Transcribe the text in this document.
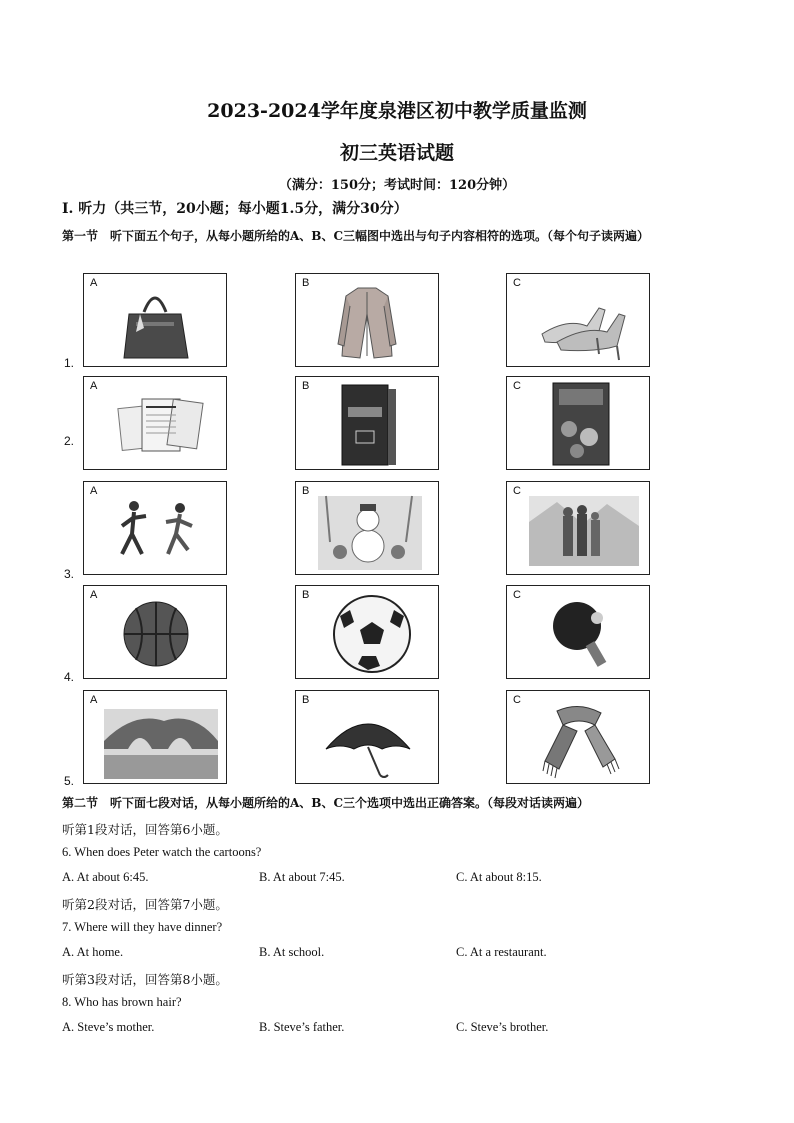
2023-2024学年度泉港区初中教学质量监测
初三英语试题
（满分：150分；考试时间：120分钟）
Ⅰ. 听力（共三节，20小题；每小题1.5分，满分30分）
第一节　听下面五个句子，从每小题所给的A、B、C三幅图中选出与句子内容相符的选项。（每个句子读两遍）
1.
A	B	C
2.
A	B	C
3.
A	B	C
4.
A	B	C
5.
A	B	C
第二节　听下面七段对话，从每小题所给的A、B、C三个选项中选出正确答案。（每段对话读两遍）
听第1段对话，回答第6小题。
6. When does Peter watch the cartoons?
A. At about 6:45.	B. At about 7:45.	C. At about 8:15.
听第2段对话，回答第7小题。
7. Where will they have dinner?
A. At home.	B. At school.	C. At a restaurant.
听第3段对话，回答第8小题。
8. Who has brown hair?
A. Steve’s mother.	B. Steve’s father.	C. Steve’s brother.
